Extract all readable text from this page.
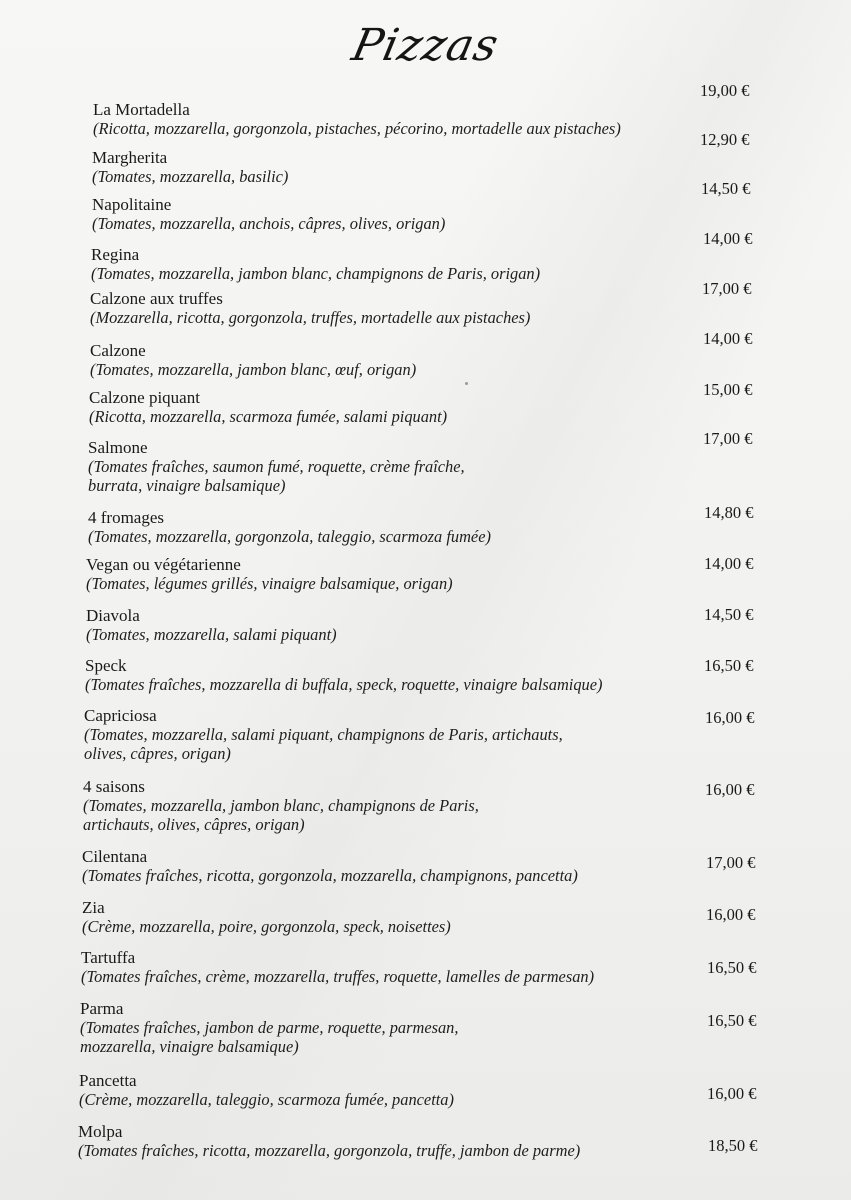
Pizzas
La Mortadella
(Ricotta, mozzarella, gorgonzola, pistaches, pécorino, mortadelle aux pistaches)
19,00 €
Margherita
(Tomates, mozzarella, basilic)
12,90 €
Napolitaine
(Tomates, mozzarella, anchois, câpres, olives, origan)
14,50 €
Regina
(Tomates, mozzarella, jambon blanc, champignons de Paris, origan)
14,00 €
Calzone aux truffes
(Mozzarella, ricotta, gorgonzola, truffes, mortadelle aux pistaches)
17,00 €
Calzone
(Tomates, mozzarella, jambon blanc, œuf, origan)
14,00 €
Calzone piquant
(Ricotta, mozzarella, scarmoza fumée, salami piquant)
15,00 €
Salmone
(Tomates fraîches, saumon fumé, roquette, crème fraîche,
burrata, vinaigre balsamique)
17,00 €
4 fromages
(Tomates, mozzarella, gorgonzola, taleggio, scarmoza fumée)
14,80 €
Vegan ou végétarienne
(Tomates, légumes grillés, vinaigre balsamique, origan)
14,00 €
Diavola
(Tomates, mozzarella, salami piquant)
14,50 €
Speck
(Tomates fraîches, mozzarella di buffala, speck, roquette, vinaigre balsamique)
16,50 €
Capriciosa
(Tomates, mozzarella, salami piquant, champignons de Paris, artichauts,
olives, câpres, origan)
16,00 €
4 saisons
(Tomates, mozzarella, jambon blanc, champignons de Paris,
artichauts, olives, câpres, origan)
16,00 €
Cilentana
(Tomates fraîches, ricotta, gorgonzola, mozzarella, champignons, pancetta)
17,00 €
Zia
(Crème, mozzarella, poire, gorgonzola, speck, noisettes)
16,00 €
Tartuffa
(Tomates fraîches, crème, mozzarella, truffes, roquette, lamelles de parmesan)	16,50 €
Parma
(Tomates fraîches, jambon de parme, roquette, parmesan,
mozzarella, vinaigre balsamique)
16,50 €
Pancetta
(Crème, mozzarella, taleggio, scarmoza fumée, pancetta)	16,00 €
Molpa
(Tomates fraîches, ricotta, mozzarella, gorgonzola, truffe, jambon de parme)	18,50 €
